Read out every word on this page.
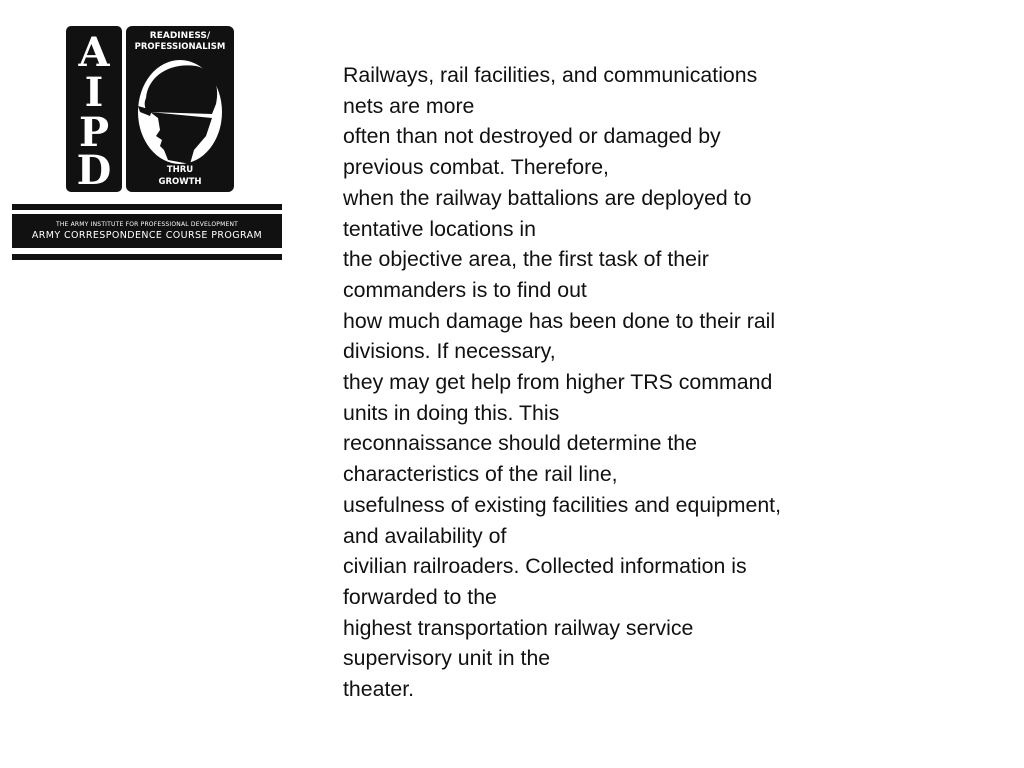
A
I
P
D
READINESS/
PROFESSIONALISM
THRU
GROWTH
THE ARMY INSTITUTE FOR PROFESSIONAL DEVELOPMENT
ARMY CORRESPONDENCE COURSE PROGRAM

Railways, rail facilities, and communications
nets are more
often than not destroyed or damaged by
previous combat. Therefore,
when the railway battalions are deployed to
tentative locations in
the objective area, the first task of their
commanders is to find out
how much damage has been done to their rail
divisions. If necessary,
they may get help from higher TRS command
units in doing this. This
reconnaissance should determine the
characteristics of the rail line,
usefulness of existing facilities and equipment,
and availability of
civilian railroaders. Collected information is
forwarded to the
highest transportation railway service
supervisory unit in the
theater.
